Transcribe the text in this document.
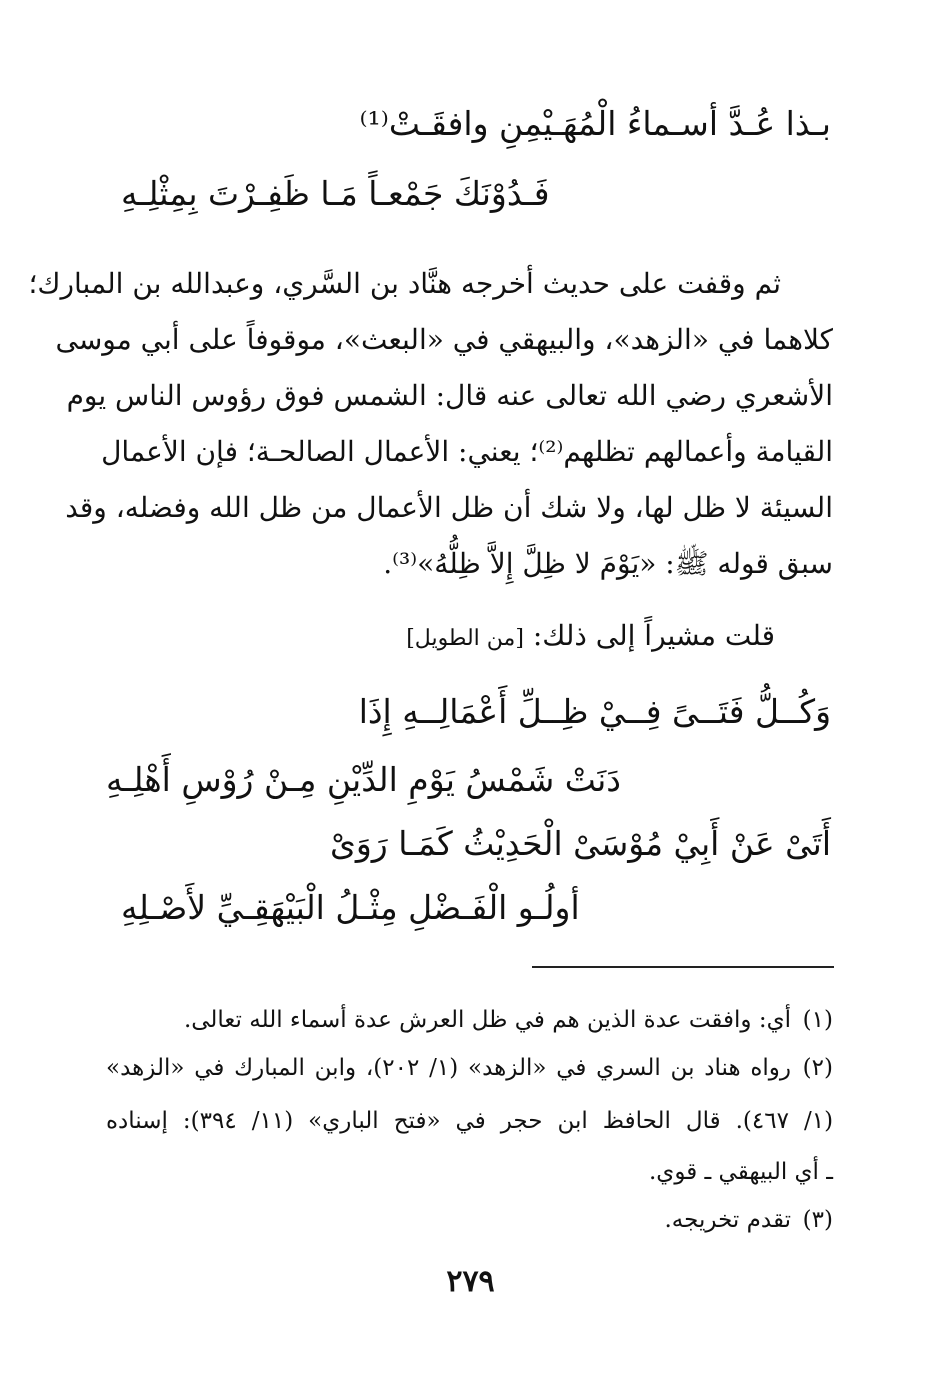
بـذا عُـدَّ أسـماءُ الْمُهَـيْمِنِ وافقَـتْ⁽¹⁾
فَـدُوْنَكَ جَمْعـاً مَـا ظَفِـرْتَ بِمِثْلِـهِ
ثم وقفت على حديث أخرجه هنَّاد بن السَّري، وعبدالله بن المبارك؛
كلاهما في «الزهد»، والبيهقي في «البعث»، موقوفاً على أبي موسى
الأشعري رضي الله تعالى عنه قال: الشمس فوق رؤوس الناس يوم
القيامة وأعمالهم تظلهم⁽²⁾؛ يعني: الأعمال الصالحـة؛ فإن الأعمال
السيئة لا ظل لها، ولا شك أن ظل الأعمال من ظل الله وفضله، وقد
سبق قوله ﷺ: «يَوْمَ لا ظِلَّ إِلاَّ ظِلُّهُ»⁽³⁾.
قلت مشيراً إلى ذلك: [من الطويل]
وَكُــلُّ فَتَــىً فِــيْ ظِــلِّ أَعْمَالِــهِ إِذَا
دَنَتْ شَمْسُ يَوْمِ الدِّيْنِ مِـنْ رُوْسِ أَهْلِـهِ
أَتَىْ عَنْ أَبِيْ مُوْسَىْ الْحَدِيْثُ كَمَـا رَوَىْ
أولُـو الْفَـضْلِ مِثْـلُ الْبَيْهَقِـيِّ لأَصْـلِهِ
(١)
أي: وافقت عدة الذين هم في ظل العرش عدة أسماء الله تعالى.
(٢)
رواه هناد بن السري في «الزهد» (١/ ٢٠٢)، وابن المبارك في «الزهد»
(١/ ٤٦٧). قال الحافظ ابن حجر في «فتح الباري» (١١/ ٣٩٤): إسناده
ـ أي البيهقي ـ قوي.
(٣)
تقدم تخريجه.
٢٧٩
